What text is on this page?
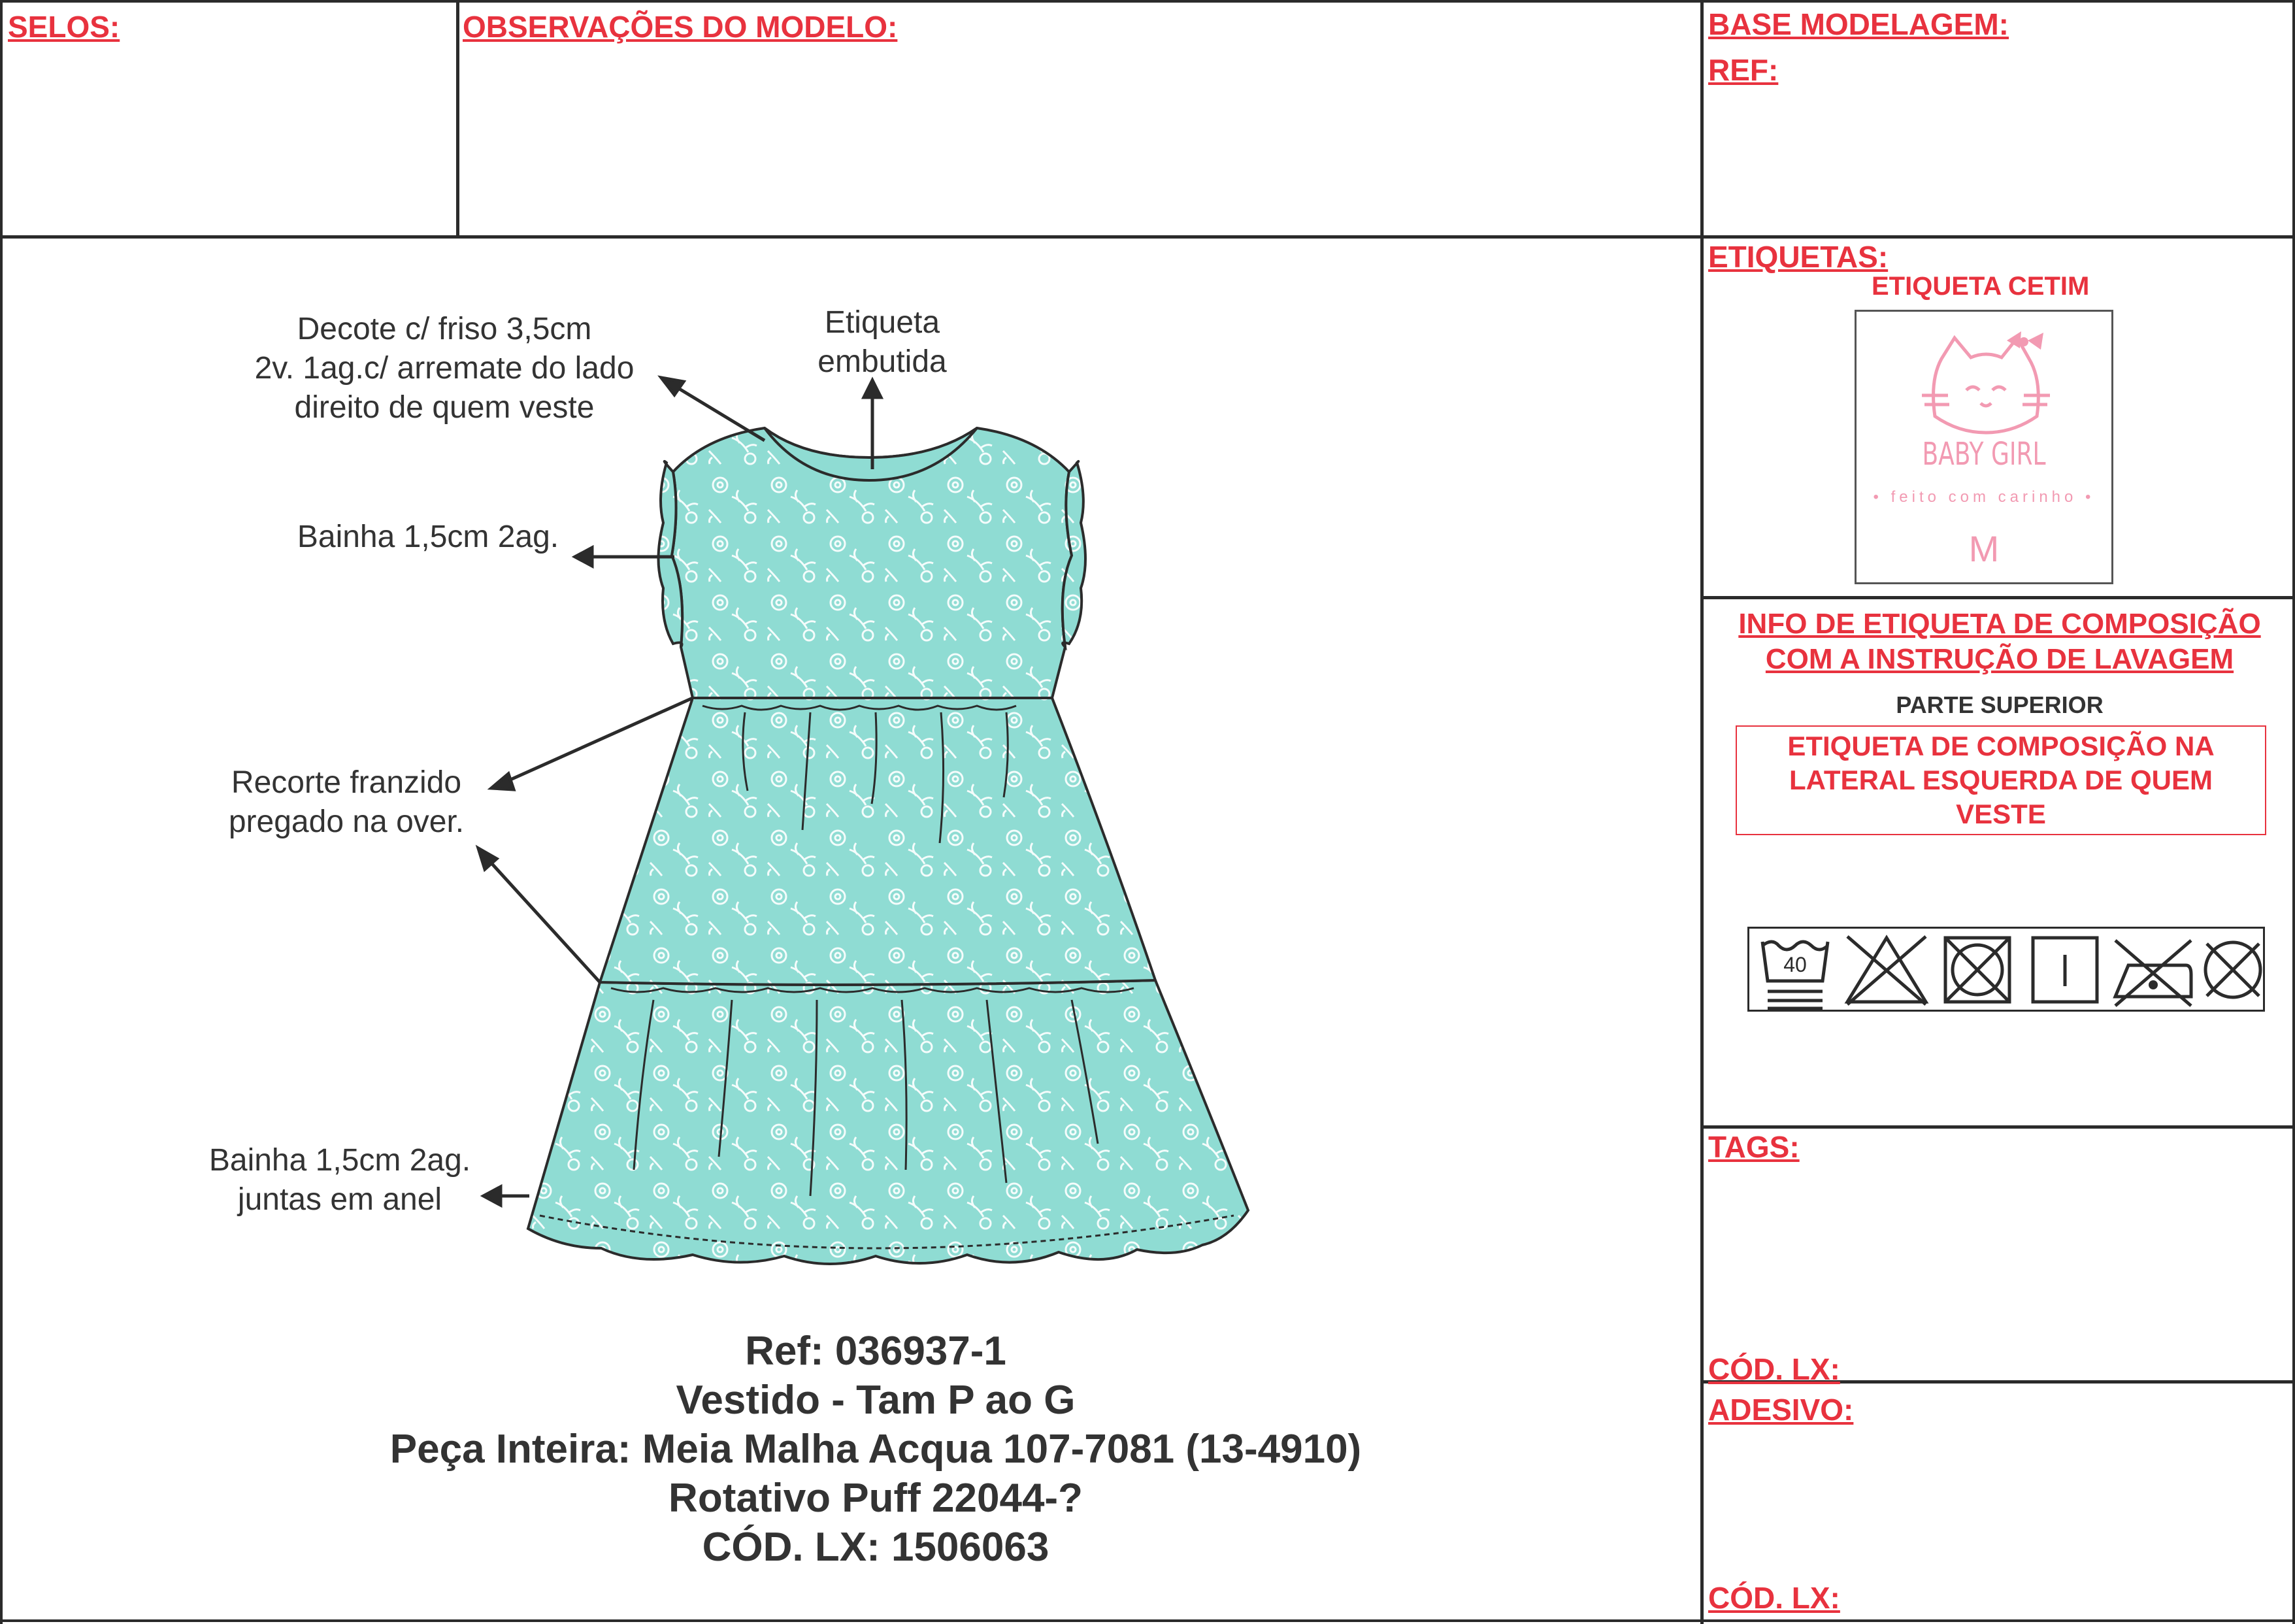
SELOS:	OBSERVAÇÕES DO MODELO:	BASE MODELAGEM:
REF:
ETIQUETAS:
ETIQUETA CETIM
BABY GIRL
• feito com carinho •
M
INFO DE ETIQUETA DE COMPOSIÇÃO
COM A INSTRUÇÃO DE LAVAGEM
PARTE SUPERIOR
ETIQUETA DE COMPOSIÇÃO NA
LATERAL ESQUERDA DE QUEM
VESTE
40
TAGS:
CÓD. LX:
ADESIVO:
CÓD. LX:
Decote c/ friso 3,5cm
2v. 1ag.c/ arremate do lado
direito de quem veste
Etiqueta
embutida
Bainha 1,5cm 2ag.
Recorte franzido
pregado na over.
Bainha 1,5cm 2ag.
juntas em anel
Ref: 036937-1
Vestido - Tam P ao G
Peça Inteira: Meia Malha Acqua 107-7081 (13-4910)
Rotativo Puff 22044-?
CÓD. LX: 1506063
